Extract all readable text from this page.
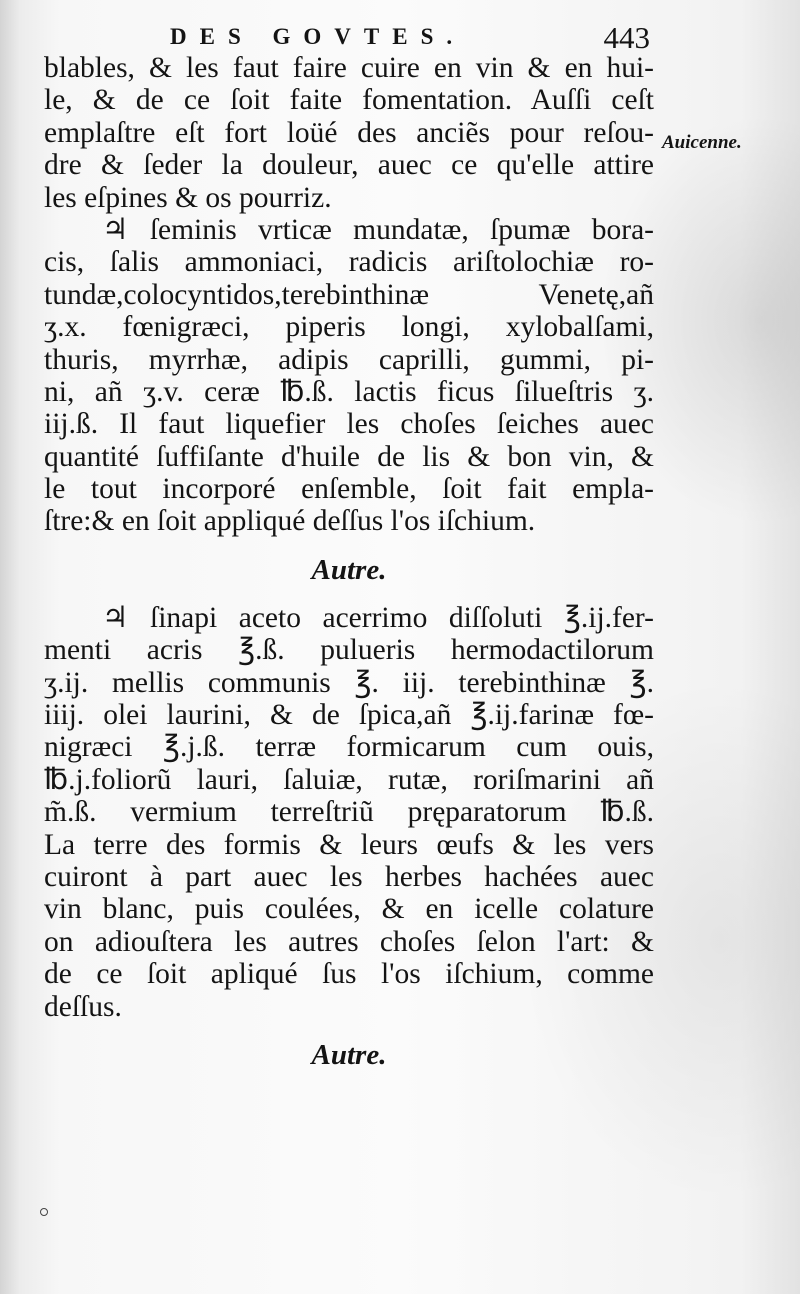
DES GOVTES.	443
Auicenne.
blables, & les faut faire cuire en vin & en hui-
le, & de ce ſoit faite fomentation. Auſſi ceſt
emplaſtre eſt fort loüé des anciẽs pour reſou-
dre & ſeder la douleur, auec ce qu'elle attire
les eſpines & os pourriz.
♃ ſeminis vrticæ mundatæ, ſpumæ bora-
cis, ſalis ammoniaci, radicis ariſtolochiæ ro-
tundæ,colocyntidos,terebinthinæ Venetę,añ
ʒ.x. fœnigræci, piperis longi, xylobalſami,
thuris, myrrhæ, adipis caprilli, gummi, pi-
ni, añ ʒ.v. ceræ ℔.ß. lactis ficus ſilueſtris ʒ.
iij.ß. Il faut liquefier les choſes ſeiches auec
quantité ſuffiſante d'huile de lis & bon vin, &
le tout incorporé enſemble, ſoit fait empla-
ſtre:& en ſoit appliqué deſſus l'os iſchium.
Autre.
♃ ſinapi aceto acerrimo diſſoluti ℥.ij.fer-
menti acris ℥.ß. pulueris hermodactilorum
ʒ.ij. mellis communis ℥. iij. terebinthinæ ℥.
iiij. olei laurini, & de ſpica,añ ℥.ij.farinæ fœ-
nigræci ℥.j.ß. terræ formicarum cum ouis,
℔.j.foliorũ lauri, ſaluiæ, rutæ, roriſmarini añ
m̃.ß. vermium terreſtriũ pręparatorum ℔.ß.
La terre des formis & leurs œufs & les vers
cuiront à part auec les herbes hachées auec
vin blanc, puis coulées, & en icelle colature
on adiouſtera les autres choſes ſelon l'art: &
de ce ſoit apliqué ſus l'os iſchium, comme
deſſus.
Autre.
